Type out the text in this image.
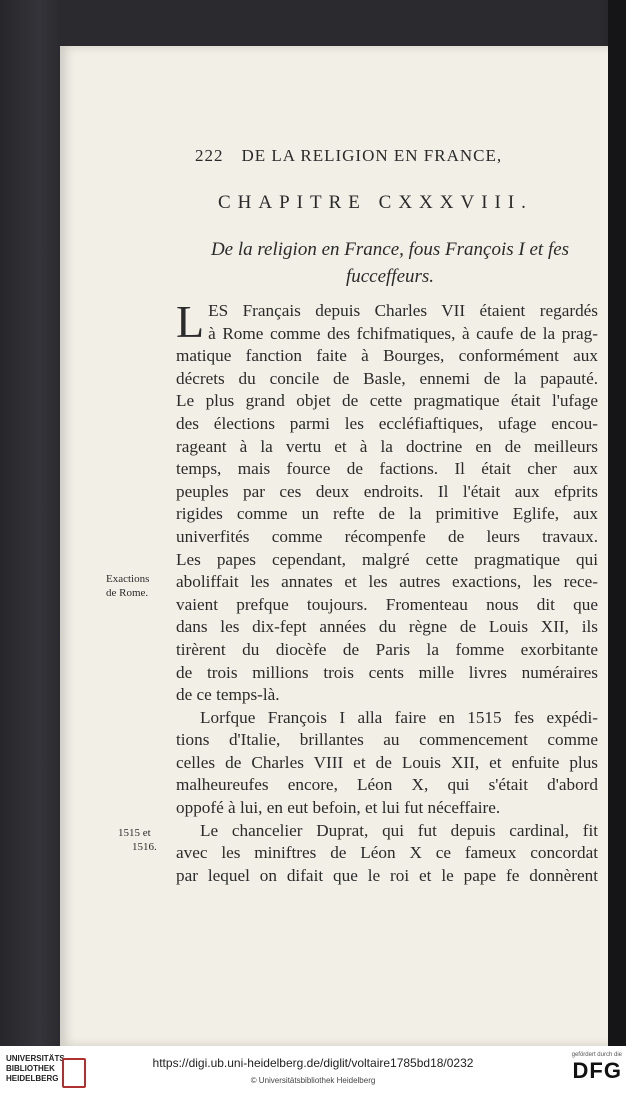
222 DE LA RELIGION EN FRANCE,
CHAPITRE CXXXVIII.
De la religion en France, fous François I et fes
fucceffeurs.
L ES Français depuis Charles VII étaient regardés
à Rome comme des fchifmatiques, à caufe de la prag-
matique fanction faite à Bourges, conformément aux
décrets du concile de Basle, ennemi de la papauté.
Le plus grand objet de cette pragmatique était l'ufage
des élections parmi les eccléfiaftiques, ufage encou-
rageant à la vertu et à la doctrine en de meilleurs
temps, mais fource de factions. Il était cher aux
peuples par ces deux endroits. Il l'était aux efprits
rigides comme un refte de la primitive Eglife, aux
univerfités comme récompenfe de leurs travaux.
Les papes cependant, malgré cette pragmatique qui
aboliffait les annates et les autres exactions, les rece-
vaient prefque toujours. Fromenteau nous dit que
dans les dix-fept années du règne de Louis XII, ils
tirèrent du diocèfe de Paris la fomme exorbitante
de trois millions trois cents mille livres numéraires
de ce temps-là.
Lorfque François I alla faire en 1515 fes expédi-
tions d'Italie, brillantes au commencement comme
celles de Charles VIII et de Louis XII, et enfuite plus
malheureufes encore, Léon X, qui s'était d'abord
oppofé à lui, en eut befoin, et lui fut néceffaire.
Le chancelier Duprat, qui fut depuis cardinal, fit
avec les miniftres de Léon X ce fameux concordat
par lequel on difait que le roi et le pape fe donnèrent
Exactions
de Rome.
1515 et
1516.
UNIVERSITÄTS-
BIBLIOTHEK
HEIDELBERG
https://digi.ub.uni-heidelberg.de/diglit/voltaire1785bd18/0232
© Universitätsbibliothek Heidelberg
gefördert durch die
DFG
